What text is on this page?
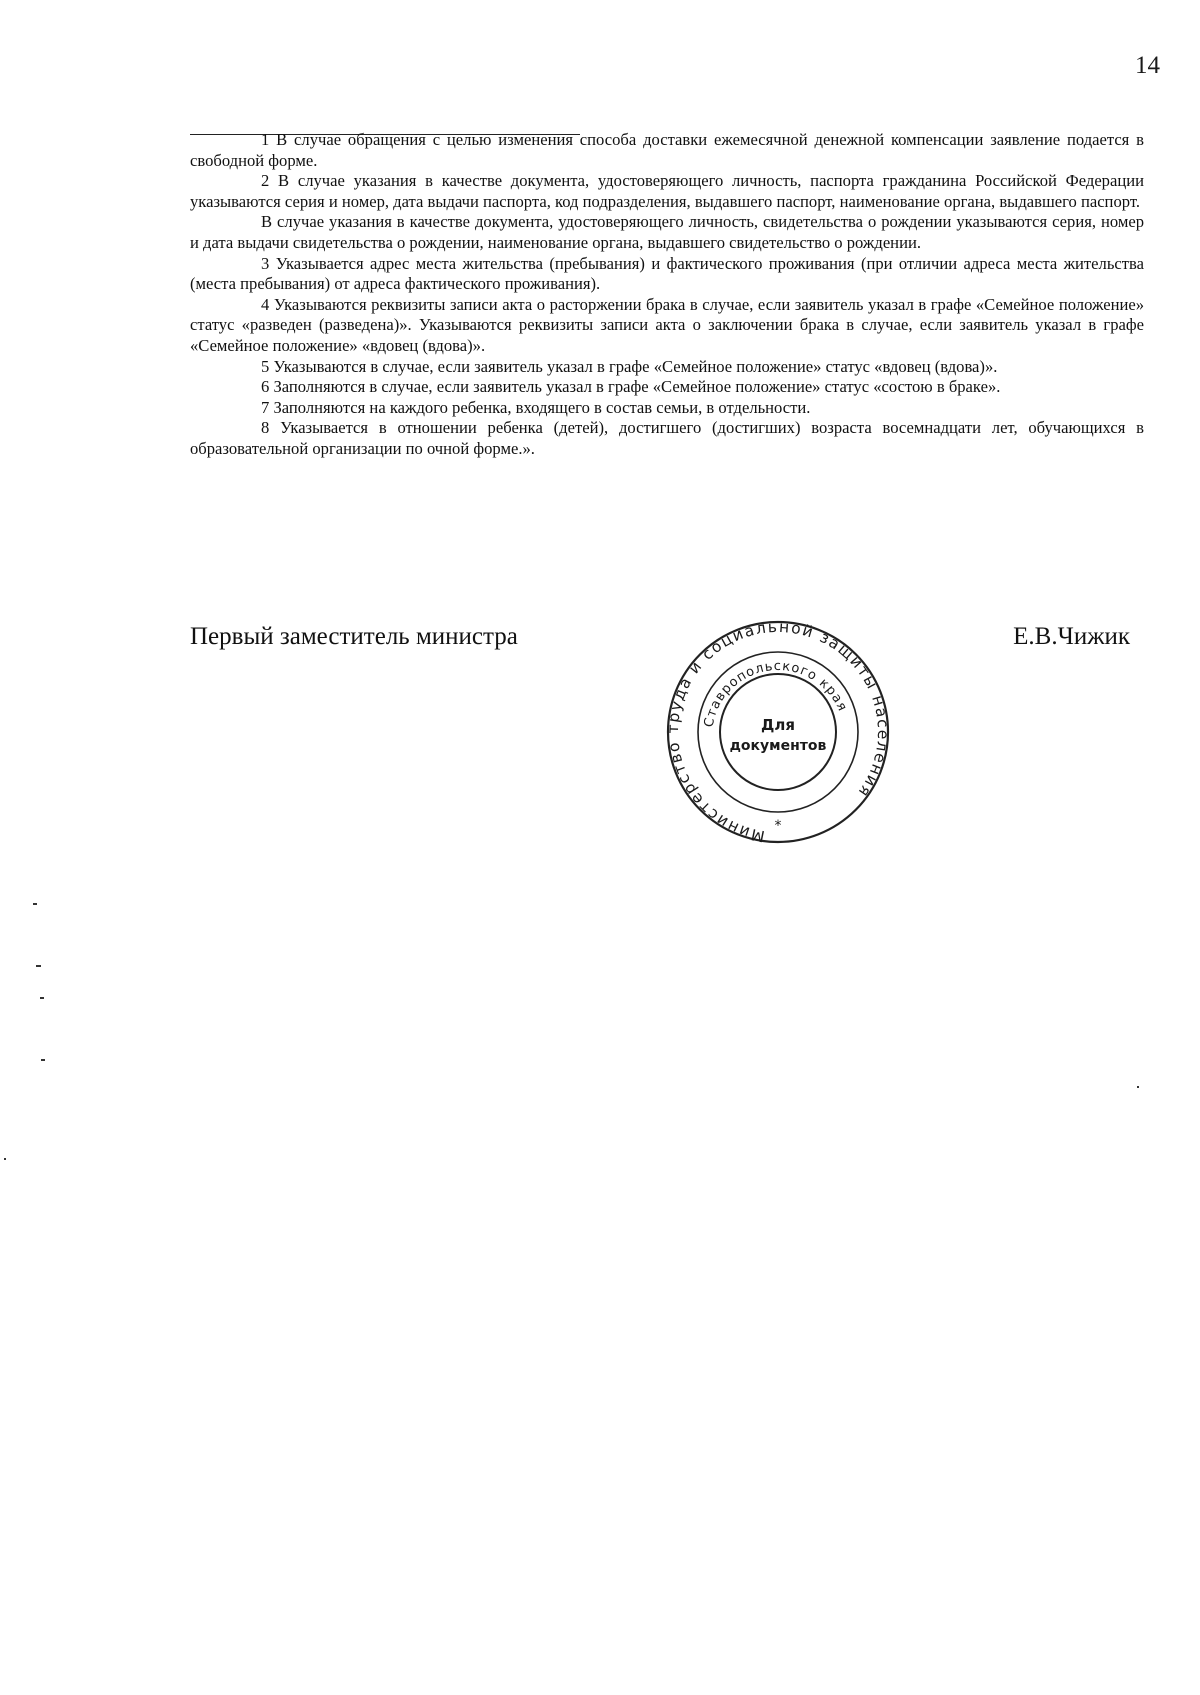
14

1 В случае обращения с целью изменения способа доставки ежемесячной денежной компенсации заявление подается в свободной форме.

2 В случае указания в качестве документа, удостоверяющего личность, паспорта гражданина Российской Федерации указываются серия и номер, дата выдачи паспорта, код подразделения, выдавшего паспорт, наименование органа, выдавшего паспорт.

В случае указания в качестве документа, удостоверяющего личность, свидетельства о рождении указываются серия, номер и дата выдачи свидетельства о рождении, наименование органа, выдавшего свидетельство о рождении.

3 Указывается адрес места жительства (пребывания) и фактического проживания (при отличии адреса места жительства (места пребывания) от адреса фактического проживания).

4 Указываются реквизиты записи акта о расторжении брака в случае, если заявитель указал в графе «Семейное положение» статус «разведен (разведена)». Указываются реквизиты записи акта о заключении брака в случае, если заявитель указал в графе «Семейное положение» «вдовец (вдова)».

5 Указываются в случае, если заявитель указал в графе «Семейное положение» статус «вдовец (вдова)».

6 Заполняются в случае, если заявитель указал в графе «Семейное положение» статус «состою в браке».

7 Заполняются на каждого ребенка, входящего в состав семьи, в отдельности.

8 Указывается в отношении ребенка (детей), достигшего (достигших) возраста восемнадцати лет, обучающихся в образовательной организации по очной форме.».

Первый заместитель министра	Е.В.Чижик
Министерство труда и социальной защиты населения
Ставропольского края
Для
документов
*
